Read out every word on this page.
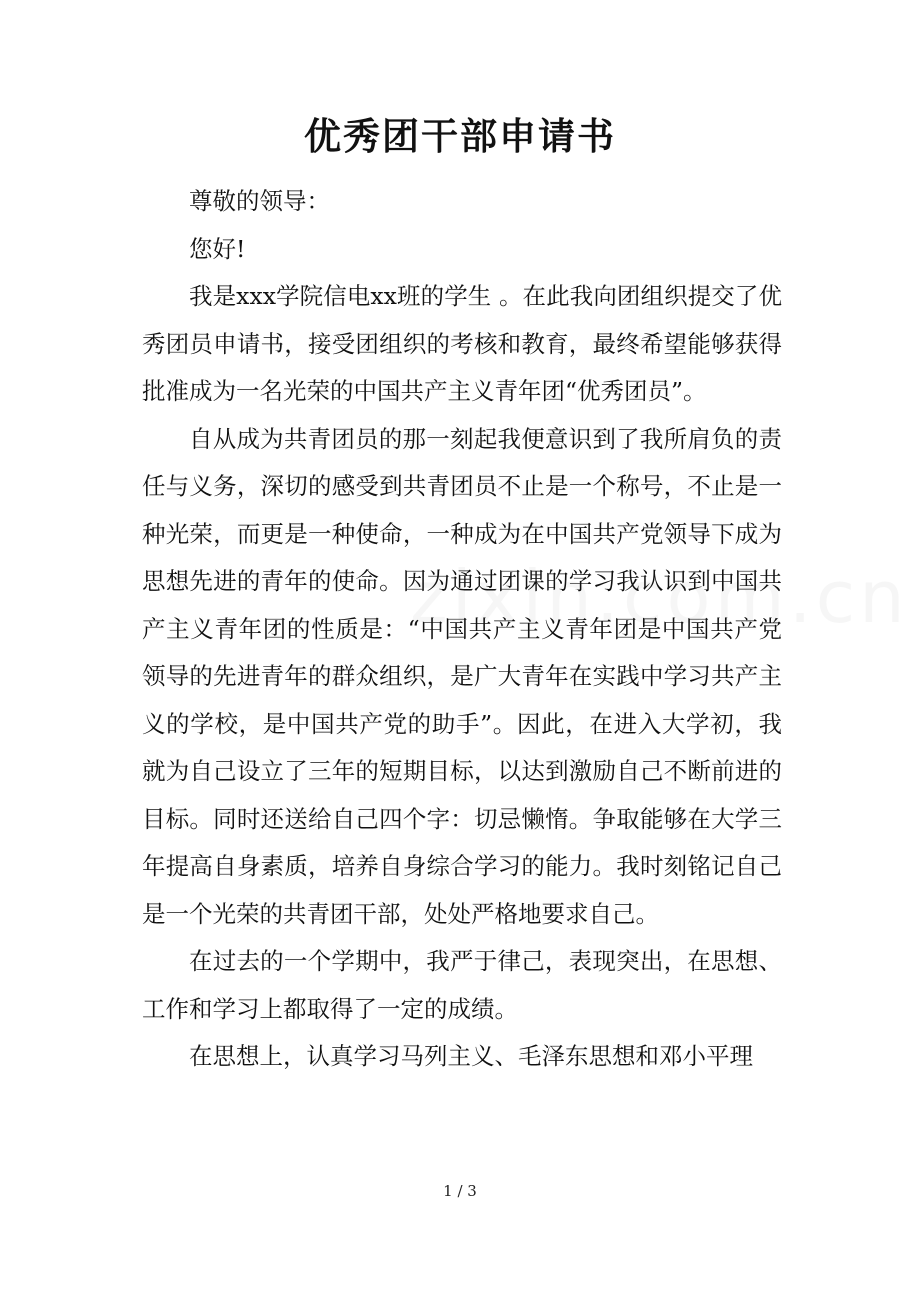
优秀团干部申请书

尊敬的领导：

您好!

我是xxx学院信电xx班的学生 。在此我向团组织提交了优秀团员申请书，接受团组织的考核和教育，最终希望能够获得批准成为一名光荣的中国共产主义青年团“优秀团员”。

自从成为共青团员的那一刻起我便意识到了我所肩负的责任与义务，深切的感受到共青团员不止是一个称号，不止是一种光荣，而更是一种使命，一种成为在中国共产党领导下成为思想先进的青年的使命。因为通过团课的学习我认识到中国共产主义青年团的性质是：“中国共产主义青年团是中国共产党领导的先进青年的群众组织，是广大青年在实践中学习共产主义的学校，是中国共产党的助手”。因此，在进入大学初，我就为自己设立了三年的短期目标，以达到激励自己不断前进的目标。同时还送给自己四个字：切忌懒惰。争取能够在大学三年提高自身素质，培养自身综合学习的能力。我时刻铭记自己是一个光荣的共青团干部，处处严格地要求自己。

在过去的一个学期中，我严于律己，表现突出，在思想、工作和学习上都取得了一定的成绩。

在思想上，认真学习马列主义、毛泽东思想和邓小平理

1 / 3
